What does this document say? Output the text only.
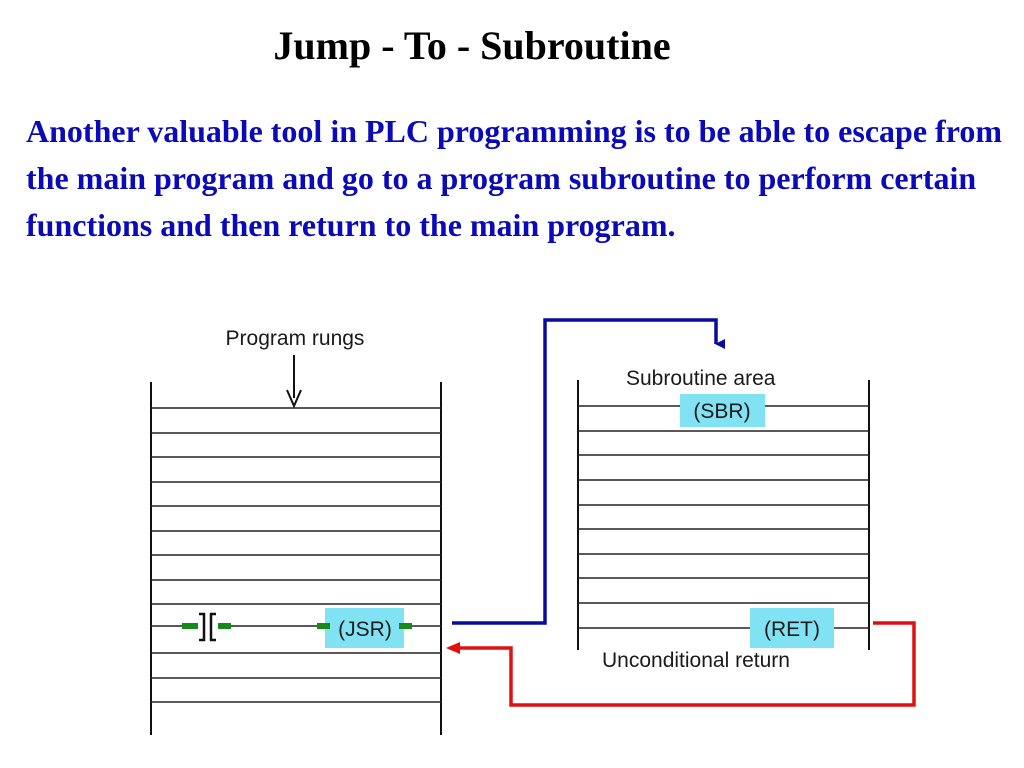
Jump - To - Subroutine

Another valuable tool in PLC programming is to be able to escape from the main program and go to a program subroutine to perform certain functions and then return to the main program.

Program rungs
(JSR)
Subroutine area
(SBR)
(RET)
Unconditional return
